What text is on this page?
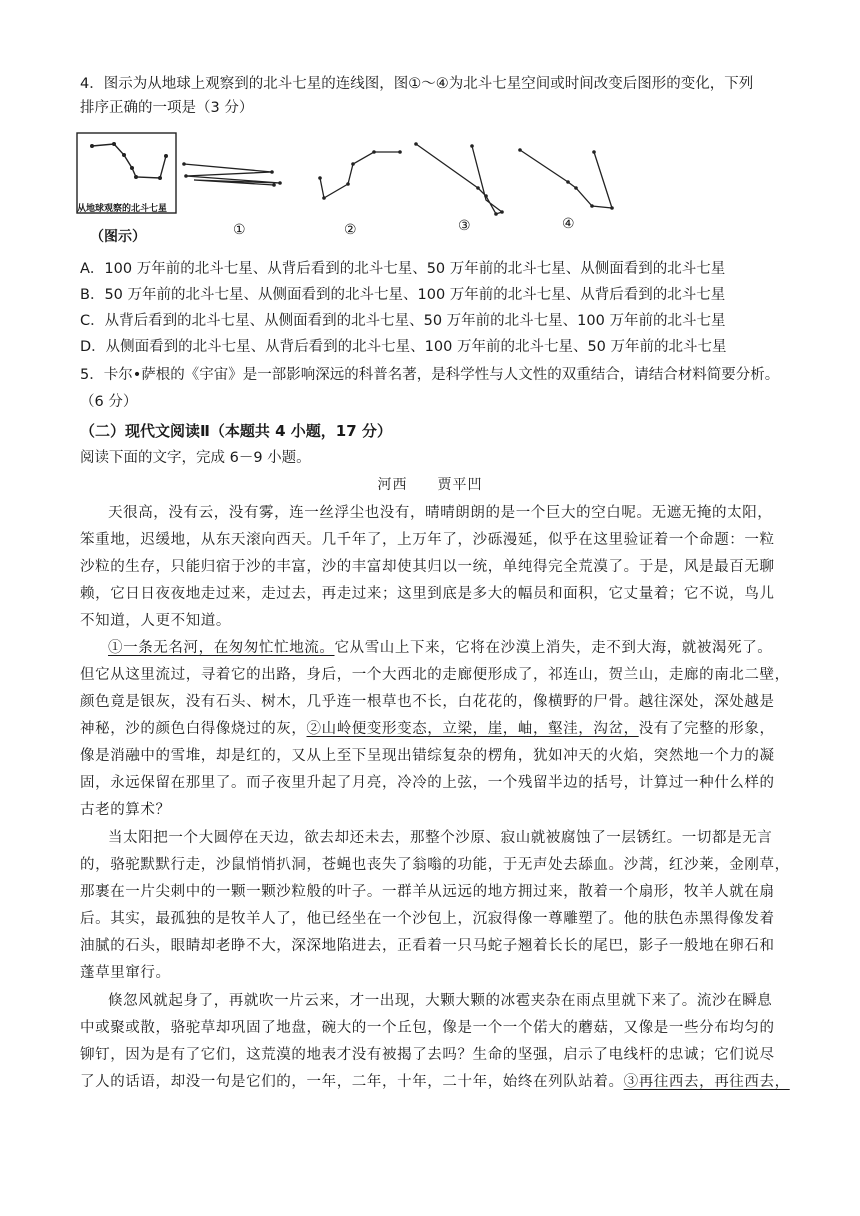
4．图示为从地球上观察到的北斗七星的连线图，图①～④为北斗七星空间或时间改变后图形的变化，下列
排序正确的一项是（3 分）
从地球观察的北斗七星
（图示）	①	②	③	④
A．100 万年前的北斗七星、从背后看到的北斗七星、50 万年前的北斗七星、从侧面看到的北斗七星
B．50 万年前的北斗七星、从侧面看到的北斗七星、100 万年前的北斗七星、从背后看到的北斗七星
C．从背后看到的北斗七星、从侧面看到的北斗七星、50 万年前的北斗七星、100 万年前的北斗七星
D．从侧面看到的北斗七星、从背后看到的北斗七星、100 万年前的北斗七星、50 万年前的北斗七星
5．卡尔•萨根的《宇宙》是一部影响深远的科普名著，是科学性与人文性的双重结合，请结合材料简要分析。
（6 分）
（二）现代文阅读Ⅱ（本题共 4 小题，17 分）
阅读下面的文字，完成 6－9 小题。
河西　　贾平凹
天很高，没有云，没有雾，连一丝浮尘也没有，晴晴朗朗的是一个巨大的空白呢。无遮无掩的太阳，
笨重地，迟缓地，从东天滚向西天。几千年了，上万年了，沙砾漫延，似乎在这里验证着一个命题：一粒
沙粒的生存，只能归宿于沙的丰富，沙的丰富却使其归以一统，单纯得完全荒漠了。于是，风是最百无聊
赖，它日日夜夜地走过来，走过去，再走过来；这里到底是多大的幅员和面积，它丈量着；它不说，鸟儿
不知道，人更不知道。
①一条无名河，在匆匆忙忙地流。它从雪山上下来，它将在沙漠上消失，走不到大海，就被渴死了。
但它从这里流过，寻着它的出路，身后，一个大西北的走廊便形成了，祁连山，贺兰山，走廊的南北二壁，
颜色竟是银灰，没有石头、树木，几乎连一根草也不长，白花花的，像横野的尸骨。越往深处，深处越是
神秘，沙的颜色白得像烧过的灰，②山岭便变形变态，立梁，崖，岫，壑洼，沟岔，没有了完整的形象，
像是消融中的雪堆，却是红的，又从上至下呈现出错综复杂的楞角，犹如冲天的火焰，突然地一个力的凝
固，永远保留在那里了。而子夜里升起了月亮，冷冷的上弦，一个残留半边的括号，计算过一种什么样的
古老的算术？
当太阳把一个大圆停在天边，欲去却还未去，那整个沙原、寂山就被腐蚀了一层锈红。一切都是无言
的，骆驼默默行走，沙鼠悄悄扒洞，苍蝇也丧失了翁嗡的功能，于无声处去舔血。沙蒿，红沙莱，金刚草，
那裹在一片尖刺中的一颗一颗沙粒般的叶子。一群羊从远远的地方拥过来，散着一个扇形，牧羊人就在扇
后。其实，最孤独的是牧羊人了，他已经坐在一个沙包上，沉寂得像一尊雕塑了。他的肤色赤黑得像发着
油腻的石头，眼睛却老睁不大，深深地陷进去，正看着一只马蛇子翘着长长的尾巴，影子一般地在卵石和
蓬草里窜行。
倏忽风就起身了，再就吹一片云来，才一出现，大颗大颗的冰雹夹杂在雨点里就下来了。流沙在瞬息
中或聚或散，骆驼草却巩固了地盘，碗大的一个丘包，像是一个一个偌大的蘑菇，又像是一些分布均匀的
铆钉，因为是有了它们，这荒漠的地表才没有被揭了去吗？生命的坚强，启示了电线杆的忠诚；它们说尽
了人的话语，却没一句是它们的，一年，二年，十年，二十年，始终在列队站着。③再往西去，再往西去，
